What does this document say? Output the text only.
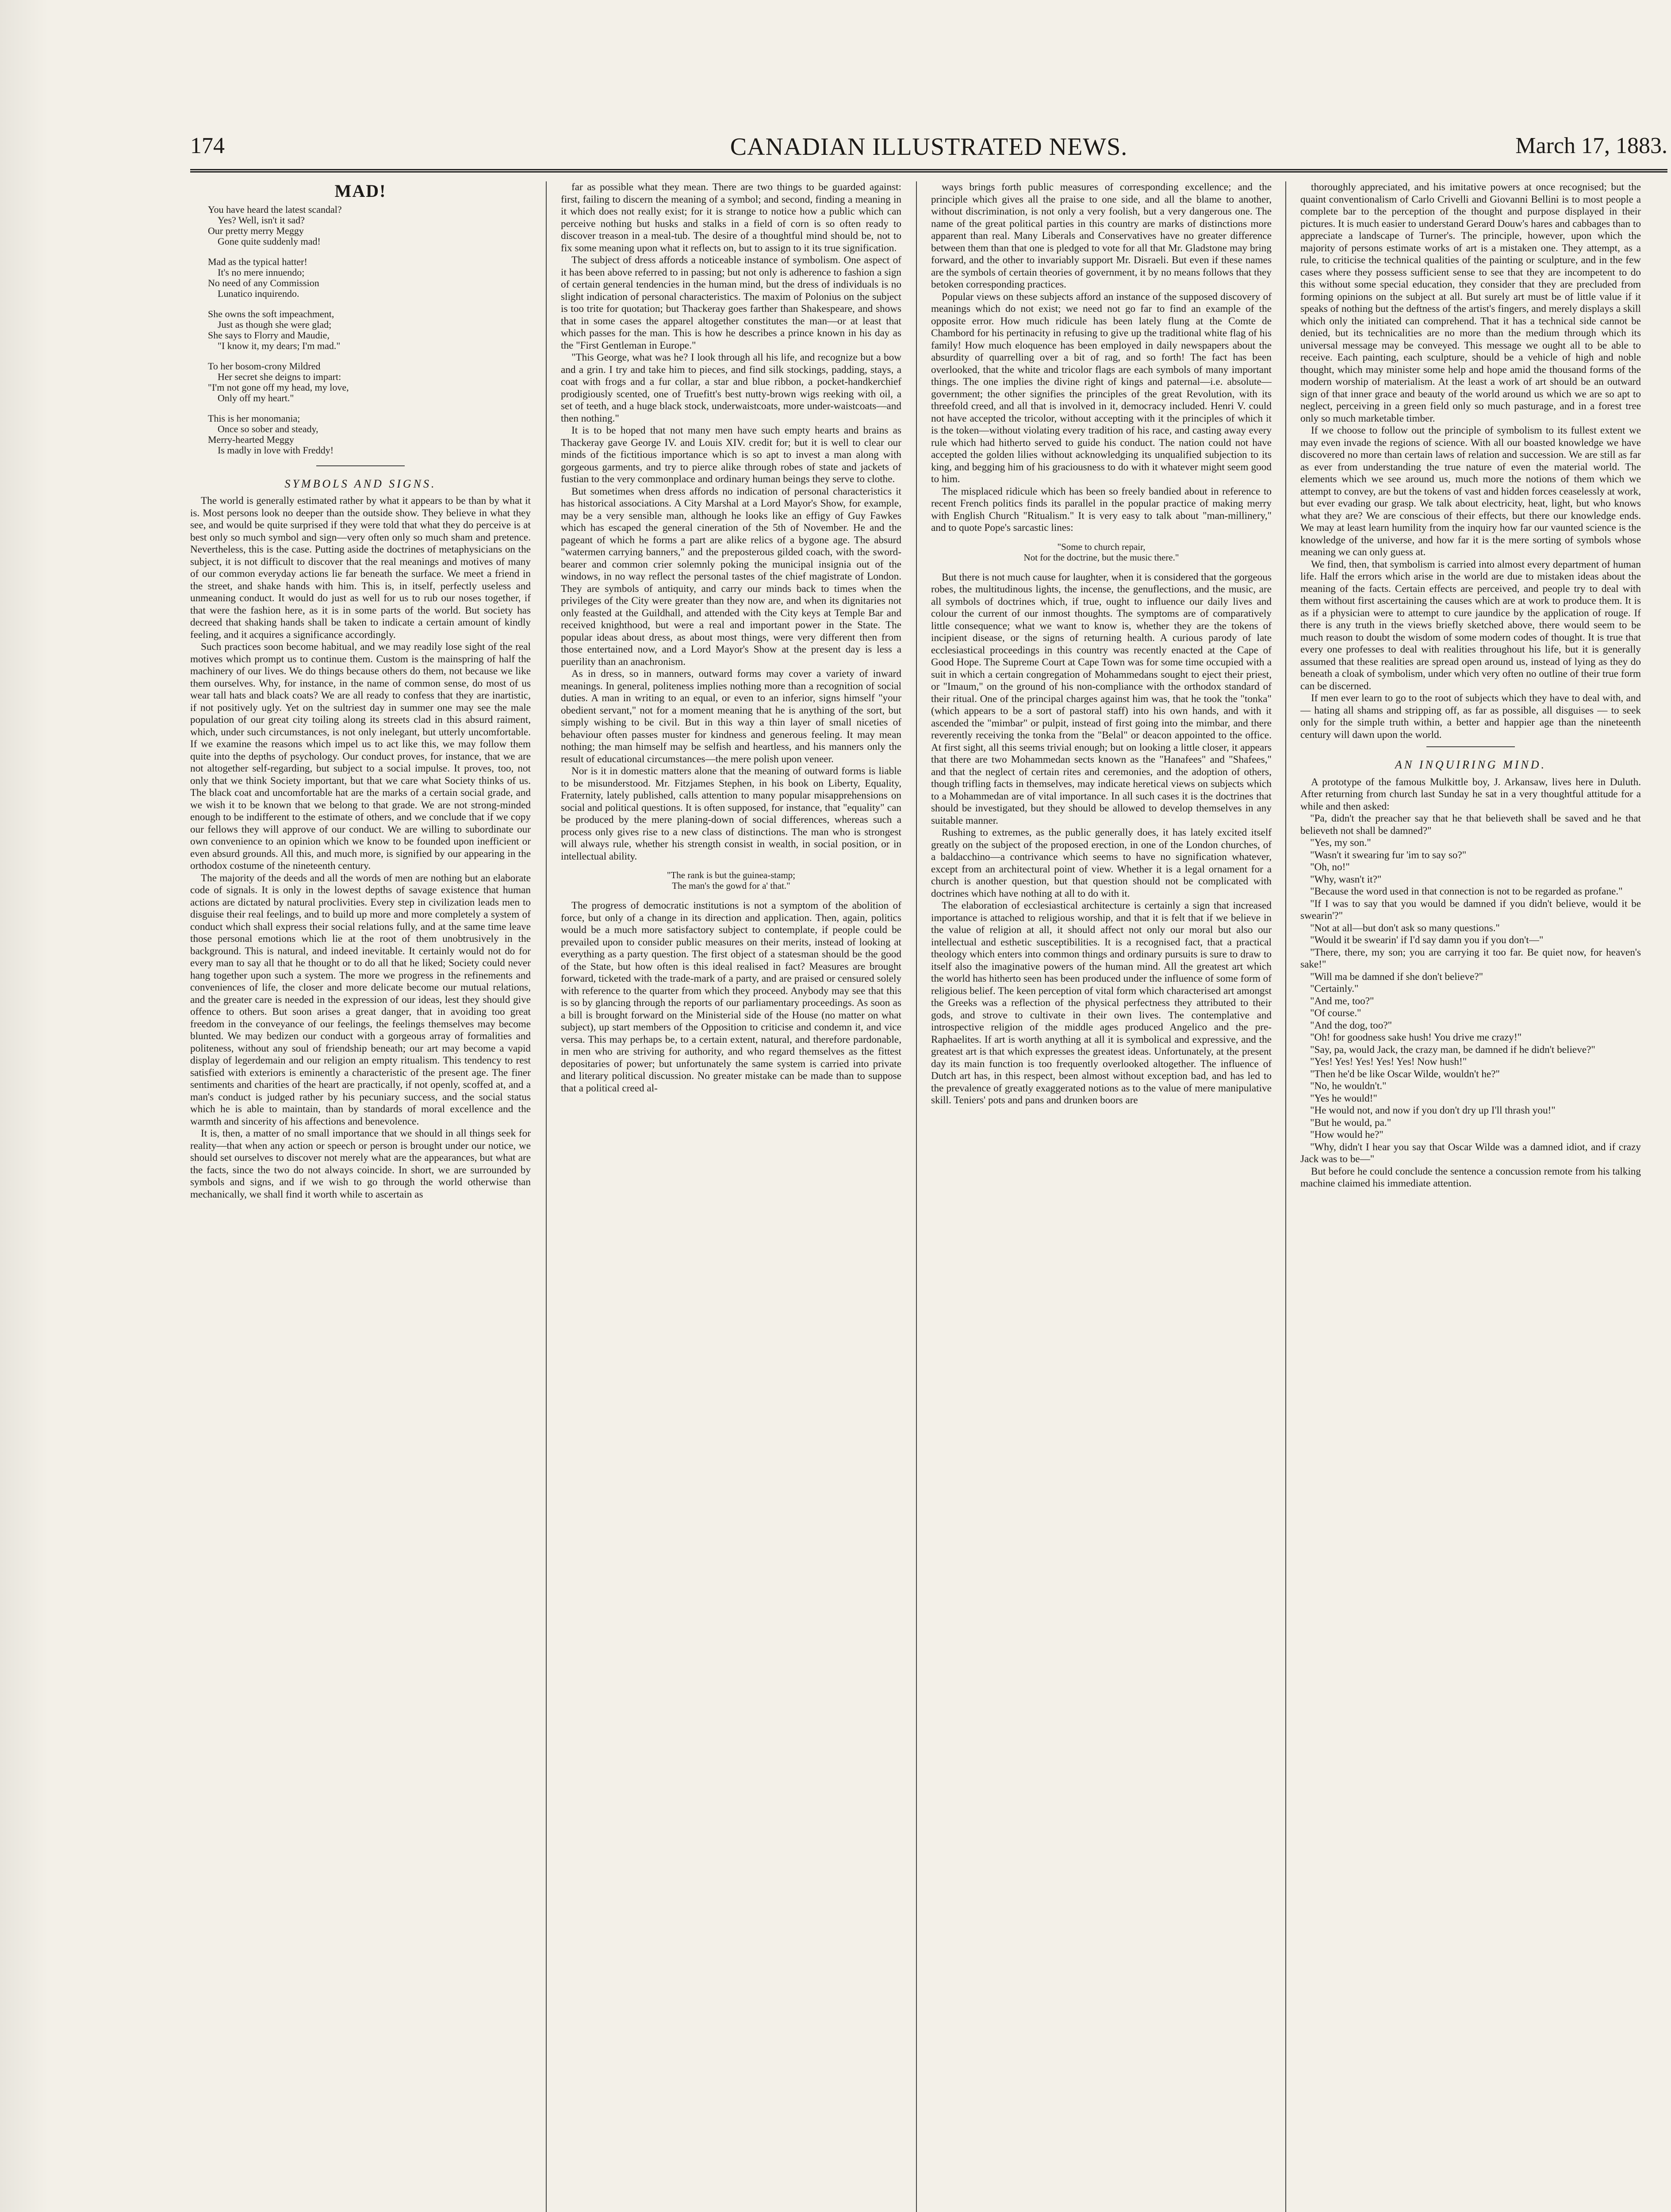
174	CANADIAN ILLUSTRATED NEWS.	March 17, 1883.
MAD!
You have heard the latest scandal?
Yes? Well, isn't it sad?
Our pretty merry Meggy
Gone quite suddenly mad!
Mad as the typical hatter!
It's no mere innuendo;
No need of any Commission
Lunatico inquirendo.
She owns the soft impeachment,
Just as though she were glad;
She says to Florry and Maudie,
"I know it, my dears; I'm mad."
To her bosom-crony Mildred
Her secret she deigns to impart:
"I'm not gone off my head, my love,
Only off my heart."
This is her monomania;
Once so sober and steady,
Merry-hearted Meggy
Is madly in love with Freddy!
SYMBOLS AND SIGNS.

The world is generally estimated rather by what it appears to be than by what it is. Most persons look no deeper than the outside show. They believe in what they see, and would be quite surprised if they were told that what they do perceive is at best only so much symbol and sign—very often only so much sham and pretence. Nevertheless, this is the case. Putting aside the doctrines of metaphysicians on the subject, it is not difficult to discover that the real meanings and motives of many of our common everyday actions lie far beneath the surface. We meet a friend in the street, and shake hands with him. This is, in itself, perfectly useless and unmeaning conduct. It would do just as well for us to rub our noses together, if that were the fashion here, as it is in some parts of the world. But society has decreed that shaking hands shall be taken to indicate a certain amount of kindly feeling, and it acquires a significance accordingly.

Such practices soon become habitual, and we may readily lose sight of the real motives which prompt us to continue them. Custom is the mainspring of half the machinery of our lives. We do things because others do them, not because we like them ourselves. Why, for instance, in the name of common sense, do most of us wear tall hats and black coats? We are all ready to confess that they are inartistic, if not positively ugly. Yet on the sultriest day in summer one may see the male population of our great city toiling along its streets clad in this absurd raiment, which, under such circumstances, is not only inelegant, but utterly uncomfortable. If we examine the reasons which impel us to act like this, we may follow them quite into the depths of psychology. Our conduct proves, for instance, that we are not altogether self-regarding, but subject to a social impulse. It proves, too, not only that we think Society important, but that we care what Society thinks of us. The black coat and uncomfortable hat are the marks of a certain social grade, and we wish it to be known that we belong to that grade. We are not strong-minded enough to be indifferent to the estimate of others, and we conclude that if we copy our fellows they will approve of our conduct. We are willing to subordinate our own convenience to an opinion which we know to be founded upon inefficient or even absurd grounds. All this, and much more, is signified by our appearing in the orthodox costume of the nineteenth century.

The majority of the deeds and all the words of men are nothing but an elaborate code of signals. It is only in the lowest depths of savage existence that human actions are dictated by natural proclivities. Every step in civilization leads men to disguise their real feelings, and to build up more and more completely a system of conduct which shall express their social relations fully, and at the same time leave those personal emotions which lie at the root of them unobtrusively in the background. This is natural, and indeed inevitable. It certainly would not do for every man to say all that he thought or to do all that he liked; Society could never hang together upon such a system. The more we progress in the refinements and conveniences of life, the closer and more delicate become our mutual relations, and the greater care is needed in the expression of our ideas, lest they should give offence to others. But soon arises a great danger, that in avoiding too great freedom in the conveyance of our feelings, the feelings themselves may become blunted. We may bedizen our conduct with a gorgeous array of formalities and politeness, without any soul of friendship beneath; our art may become a vapid display of legerdemain and our religion an empty ritualism. This tendency to rest satisfied with exteriors is eminently a characteristic of the present age. The finer sentiments and charities of the heart are practically, if not openly, scoffed at, and a man's conduct is judged rather by his pecuniary success, and the social status which he is able to maintain, than by standards of moral excellence and the warmth and sincerity of his affections and benevolence.

It is, then, a matter of no small importance that we should in all things seek for reality—that when any action or speech or person is brought under our notice, we should set ourselves to discover not merely what are the appearances, but what are the facts, since the two do not always coincide. In short, we are surrounded by symbols and signs, and if we wish to go through the world otherwise than mechanically, we shall find it worth while to ascertain as

far as possible what they mean. There are two things to be guarded against: first, failing to discern the meaning of a symbol; and second, finding a meaning in it which does not really exist; for it is strange to notice how a public which can perceive nothing but husks and stalks in a field of corn is so often ready to discover treason in a meal-tub. The desire of a thoughtful mind should be, not to fix some meaning upon what it reflects on, but to assign to it its true signification.

The subject of dress affords a noticeable instance of symbolism. One aspect of it has been above referred to in passing; but not only is adherence to fashion a sign of certain general tendencies in the human mind, but the dress of individuals is no slight indication of personal characteristics. The maxim of Polonius on the subject is too trite for quotation; but Thackeray goes farther than Shakespeare, and shows that in some cases the apparel altogether constitutes the man—or at least that which passes for the man. This is how he describes a prince known in his day as the "First Gentleman in Europe."

"This George, what was he? I look through all his life, and recognize but a bow and a grin. I try and take him to pieces, and find silk stockings, padding, stays, a coat with frogs and a fur collar, a star and blue ribbon, a pocket-handkerchief prodigiously scented, one of Truefitt's best nutty-brown wigs reeking with oil, a set of teeth, and a huge black stock, underwaistcoats, more under-waistcoats—and then nothing."

It is to be hoped that not many men have such empty hearts and brains as Thackeray gave George IV. and Louis XIV. credit for; but it is well to clear our minds of the fictitious importance which is so apt to invest a man along with gorgeous garments, and try to pierce alike through robes of state and jackets of fustian to the very commonplace and ordinary human beings they serve to clothe.

But sometimes when dress affords no indication of personal characteristics it has historical associations. A City Marshal at a Lord Mayor's Show, for example, may be a very sensible man, although he looks like an effigy of Guy Fawkes which has escaped the general cineration of the 5th of November. He and the pageant of which he forms a part are alike relics of a bygone age. The absurd "watermen carrying banners," and the preposterous gilded coach, with the sword-bearer and common crier solemnly poking the municipal insignia out of the windows, in no way reflect the personal tastes of the chief magistrate of London. They are symbols of antiquity, and carry our minds back to times when the privileges of the City were greater than they now are, and when its dignitaries not only feasted at the Guildhall, and attended with the City keys at Temple Bar and received knighthood, but were a real and important power in the State. The popular ideas about dress, as about most things, were very different then from those entertained now, and a Lord Mayor's Show at the present day is less a puerility than an anachronism.

As in dress, so in manners, outward forms may cover a variety of inward meanings. In general, politeness implies nothing more than a recognition of social duties. A man in writing to an equal, or even to an inferior, signs himself "your obedient servant," not for a moment meaning that he is anything of the sort, but simply wishing to be civil. But in this way a thin layer of small niceties of behaviour often passes muster for kindness and generous feeling. It may mean nothing; the man himself may be selfish and heartless, and his manners only the result of educational circumstances—the mere polish upon veneer.

Nor is it in domestic matters alone that the meaning of outward forms is liable to be misunderstood. Mr. Fitzjames Stephen, in his book on Liberty, Equality, Fraternity, lately published, calls attention to many popular misapprehensions on social and political questions. It is often supposed, for instance, that "equality" can be produced by the mere planing-down of social differences, whereas such a process only gives rise to a new class of distinctions. The man who is strongest will always rule, whether his strength consist in wealth, in social position, or in intellectual ability.

"The rank is but the guinea-stamp;
The man's the gowd for a' that."

The progress of democratic institutions is not a symptom of the abolition of force, but only of a change in its direction and application. Then, again, politics would be a much more satisfactory subject to contemplate, if people could be prevailed upon to consider public measures on their merits, instead of looking at everything as a party question. The first object of a statesman should be the good of the State, but how often is this ideal realised in fact? Measures are brought forward, ticketed with the trade-mark of a party, and are praised or censured solely with reference to the quarter from which they proceed. Anybody may see that this is so by glancing through the reports of our parliamentary proceedings. As soon as a bill is brought forward on the Ministerial side of the House (no matter on what subject), up start members of the Opposition to criticise and condemn it, and vice versa. This may perhaps be, to a certain extent, natural, and therefore pardonable, in men who are striving for authority, and who regard themselves as the fittest depositaries of power; but unfortunately the same system is carried into private and literary political discussion. No greater mistake can be made than to suppose that a political creed al-

ways brings forth public measures of corresponding excellence; and the principle which gives all the praise to one side, and all the blame to another, without discrimination, is not only a very foolish, but a very dangerous one. The name of the great political parties in this country are marks of distinctions more apparent than real. Many Liberals and Conservatives have no greater difference between them than that one is pledged to vote for all that Mr. Gladstone may bring forward, and the other to invariably support Mr. Disraeli. But even if these names are the symbols of certain theories of government, it by no means follows that they betoken corresponding practices.

Popular views on these subjects afford an instance of the supposed discovery of meanings which do not exist; we need not go far to find an example of the opposite error. How much ridicule has been lately flung at the Comte de Chambord for his pertinacity in refusing to give up the traditional white flag of his family! How much eloquence has been employed in daily newspapers about the absurdity of quarrelling over a bit of rag, and so forth! The fact has been overlooked, that the white and tricolor flags are each symbols of many important things. The one implies the divine right of kings and paternal—i.e. absolute—government; the other signifies the principles of the great Revolution, with its threefold creed, and all that is involved in it, democracy included. Henri V. could not have accepted the tricolor, without accepting with it the principles of which it is the token—without violating every tradition of his race, and casting away every rule which had hitherto served to guide his conduct. The nation could not have accepted the golden lilies without acknowledging its unqualified subjection to its king, and begging him of his graciousness to do with it whatever might seem good to him.

The misplaced ridicule which has been so freely bandied about in reference to recent French politics finds its parallel in the popular practice of making merry with English Church "Ritualism." It is very easy to talk about "man-millinery," and to quote Pope's sarcastic lines:

"Some to church repair,
Not for the doctrine, but the music there."

But there is not much cause for laughter, when it is considered that the gorgeous robes, the multitudinous lights, the incense, the genuflections, and the music, are all symbols of doctrines which, if true, ought to influence our daily lives and colour the current of our inmost thoughts. The symptoms are of comparatively little consequence; what we want to know is, whether they are the tokens of incipient disease, or the signs of returning health. A curious parody of late ecclesiastical proceedings in this country was recently enacted at the Cape of Good Hope. The Supreme Court at Cape Town was for some time occupied with a suit in which a certain congregation of Mohammedans sought to eject their priest, or "Imaum," on the ground of his non-compliance with the orthodox standard of their ritual. One of the principal charges against him was, that he took the "tonka" (which appears to be a sort of pastoral staff) into his own hands, and with it ascended the "mimbar" or pulpit, instead of first going into the mimbar, and there reverently receiving the tonka from the "Belal" or deacon appointed to the office. At first sight, all this seems trivial enough; but on looking a little closer, it appears that there are two Mohammedan sects known as the "Hanafees" and "Shafees," and that the neglect of certain rites and ceremonies, and the adoption of others, though trifling facts in themselves, may indicate heretical views on subjects which to a Mohammedan are of vital importance. In all such cases it is the doctrines that should be investigated, but they should be allowed to develop themselves in any suitable manner.

Rushing to extremes, as the public generally does, it has lately excited itself greatly on the subject of the proposed erection, in one of the London churches, of a baldacchino—a contrivance which seems to have no signification whatever, except from an architectural point of view. Whether it is a legal ornament for a church is another question, but that question should not be complicated with doctrines which have nothing at all to do with it.

The elaboration of ecclesiastical architecture is certainly a sign that increased importance is attached to religious worship, and that it is felt that if we believe in the value of religion at all, it should affect not only our moral but also our intellectual and esthetic susceptibilities. It is a recognised fact, that a practical theology which enters into common things and ordinary pursuits is sure to draw to itself also the imaginative powers of the human mind. All the greatest art which the world has hitherto seen has been produced under the influence of some form of religious belief. The keen perception of vital form which characterised art amongst the Greeks was a reflection of the physical perfectness they attributed to their gods, and strove to cultivate in their own lives. The contemplative and introspective religion of the middle ages produced Angelico and the pre-Raphaelites. If art is worth anything at all it is symbolical and expressive, and the greatest art is that which expresses the greatest ideas. Unfortunately, at the present day its main function is too frequently overlooked altogether. The influence of Dutch art has, in this respect, been almost without exception bad, and has led to the prevalence of greatly exaggerated notions as to the value of mere manipulative skill. Teniers' pots and pans and drunken boors are

thoroughly appreciated, and his imitative powers at once recognised; but the quaint conventionalism of Carlo Crivelli and Giovanni Bellini is to most people a complete bar to the perception of the thought and purpose displayed in their pictures. It is much easier to understand Gerard Douw's hares and cabbages than to appreciate a landscape of Turner's. The principle, however, upon which the majority of persons estimate works of art is a mistaken one. They attempt, as a rule, to criticise the technical qualities of the painting or sculpture, and in the few cases where they possess sufficient sense to see that they are incompetent to do this without some special education, they consider that they are precluded from forming opinions on the subject at all. But surely art must be of little value if it speaks of nothing but the deftness of the artist's fingers, and merely displays a skill which only the initiated can comprehend. That it has a technical side cannot be denied, but its technicalities are no more than the medium through which its universal message may be conveyed. This message we ought all to be able to receive. Each painting, each sculpture, should be a vehicle of high and noble thought, which may minister some help and hope amid the thousand forms of the modern worship of materialism. At the least a work of art should be an outward sign of that inner grace and beauty of the world around us which we are so apt to neglect, perceiving in a green field only so much pasturage, and in a forest tree only so much marketable timber.

If we choose to follow out the principle of symbolism to its fullest extent we may even invade the regions of science. With all our boasted knowledge we have discovered no more than certain laws of relation and succession. We are still as far as ever from understanding the true nature of even the material world. The elements which we see around us, much more the notions of them which we attempt to convey, are but the tokens of vast and hidden forces ceaselessly at work, but ever evading our grasp. We talk about electricity, heat, light, but who knows what they are? We are conscious of their effects, but there our knowledge ends. We may at least learn humility from the inquiry how far our vaunted science is the knowledge of the universe, and how far it is the mere sorting of symbols whose meaning we can only guess at.

We find, then, that symbolism is carried into almost every department of human life. Half the errors which arise in the world are due to mistaken ideas about the meaning of the facts. Certain effects are perceived, and people try to deal with them without first ascertaining the causes which are at work to produce them. It is as if a physician were to attempt to cure jaundice by the application of rouge. If there is any truth in the views briefly sketched above, there would seem to be much reason to doubt the wisdom of some modern codes of thought. It is true that every one professes to deal with realities throughout his life, but it is generally assumed that these realities are spread open around us, instead of lying as they do beneath a cloak of symbolism, under which very often no outline of their true form can be discerned.

If men ever learn to go to the root of subjects which they have to deal with, and — hating all shams and stripping off, as far as possible, all disguises — to seek only for the simple truth within, a better and happier age than the nineteenth century will dawn upon the world.

AN INQUIRING MIND.

A prototype of the famous Mulkittle boy, J. Arkansaw, lives here in Duluth. After returning from church last Sunday he sat in a very thoughtful attitude for a while and then asked:

"Pa, didn't the preacher say that he that believeth shall be saved and he that believeth not shall be damned?"

"Yes, my son."

"Wasn't it swearing fur 'im to say so?"

"Oh, no!"

"Why, wasn't it?"

"Because the word used in that connection is not to be regarded as profane."

"If I was to say that you would be damned if you didn't believe, would it be swearin'?"

"Not at all—but don't ask so many questions."

"Would it be swearin' if I'd say damn you if you don't—"

"There, there, my son; you are carrying it too far. Be quiet now, for heaven's sake!"

"Will ma be damned if she don't believe?"

"Certainly."

"And me, too?"

"Of course."

"And the dog, too?"

"Oh! for goodness sake hush! You drive me crazy!"

"Say, pa, would Jack, the crazy man, be damned if he didn't believe?"

"Yes! Yes! Yes! Yes! Yes! Now hush!"

"Then he'd be like Oscar Wilde, wouldn't he?"

"No, he wouldn't."

"Yes he would!"

"He would not, and now if you don't dry up I'll thrash you!"

"But he would, pa."

"How would he?"

"Why, didn't I hear you say that Oscar Wilde was a damned idiot, and if crazy Jack was to be—"

But before he could conclude the sentence a concussion remote from his talking machine claimed his immediate attention.
